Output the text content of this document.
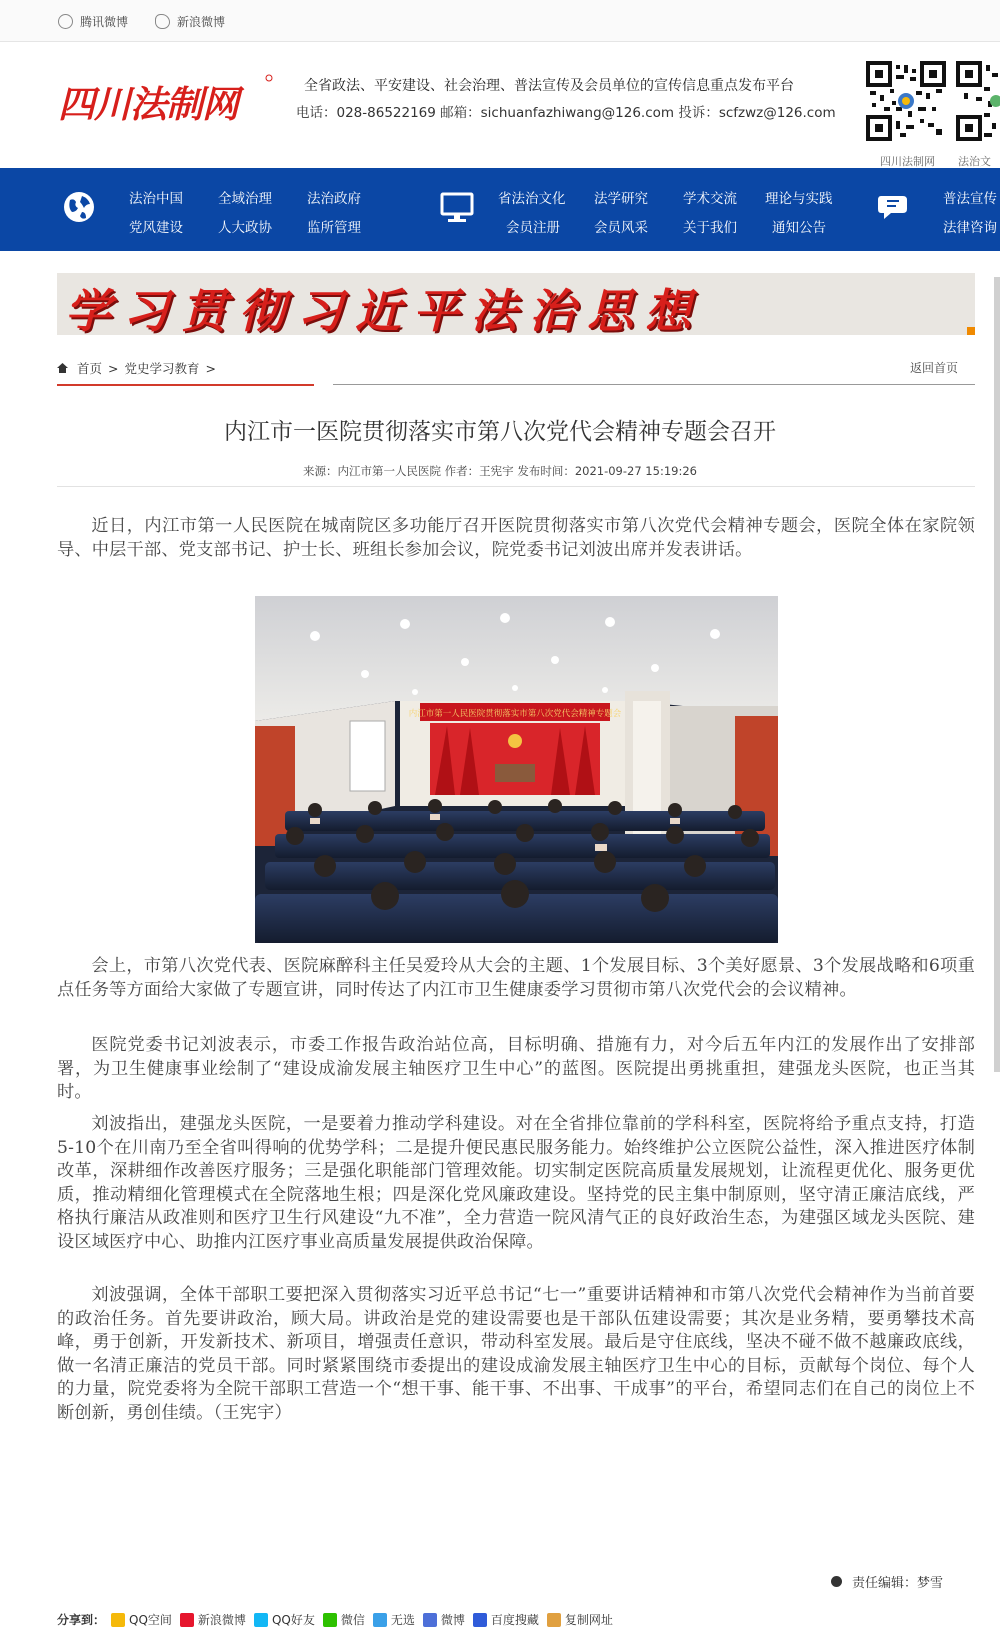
腾讯微博	新浪微博
四川法制网	全省政法、平安建设、社会治理、普法宣传及会员单位的宣传信息重点发布平台
电话：028-86522169 邮箱：sichuanfazhiwang@126.com 投诉：scfzwz@126.com
四川法制网 法治文
法治中国	全域治理	法治政府
党风建设	人大政协	监所管理
省法治文化 法学研究	学术交流 理论与实践
会员注册	会员风采	关于我们	通知公告
普法宣传
法律咨询
学习贯彻习近平法治思想
首页 > 党史学习教育 >	返回首页
内江市一医院贯彻落实市第八次党代会精神专题会召开
来源：内江市第一人民医院 作者：王宪宇 发布时间：2021-09-27 15:19:26

近日，内江市第一人民医院在城南院区多功能厅召开医院贯彻落实市第八次党代会精神专题会，医院全体在家院领导、中层干部、党支部书记、护士长、班组长参加会议，院党委书记刘波出席并发表讲话。

内江市第一人民医院贯彻落实市第八次党代会精神专题会

会上，市第八次党代表、医院麻醉科主任吴爱玲从大会的主题、1个发展目标、3个美好愿景、3个发展战略和6项重点任务等方面给大家做了专题宣讲，同时传达了内江市卫生健康委学习贯彻市第八次党代会的会议精神。

医院党委书记刘波表示，市委工作报告政治站位高，目标明确、措施有力，对今后五年内江的发展作出了安排部署，为卫生健康事业绘制了“建设成渝发展主轴医疗卫生中心”的蓝图。医院提出勇挑重担，建强龙头医院，也正当其时。

刘波指出，建强龙头医院，一是要着力推动学科建设。对在全省排位靠前的学科科室，医院将给予重点支持，打造5-10个在川南乃至全省叫得响的优势学科；二是提升便民惠民服务能力。始终维护公立医院公益性，深入推进医疗体制改革，深耕细作改善医疗服务；三是强化职能部门管理效能。切实制定医院高质量发展规划，让流程更优化、服务更优质，推动精细化管理模式在全院落地生根；四是深化党风廉政建设。坚持党的民主集中制原则，坚守清正廉洁底线，严格执行廉洁从政准则和医疗卫生行风建设“九不准”，全力营造一院风清气正的良好政治生态，为建强区域龙头医院、建设区域医疗中心、助推内江医疗事业高质量发展提供政治保障。

刘波强调，全体干部职工要把深入贯彻落实习近平总书记“七一”重要讲话精神和市第八次党代会精神作为当前首要的政治任务。首先要讲政治，顾大局。讲政治是党的建设需要也是干部队伍建设需要；其次是业务精，要勇攀技术高峰，勇于创新，开发新技术、新项目，增强责任意识，带动科室发展。最后是守住底线，坚决不碰不做不越廉政底线，做一名清正廉洁的党员干部。同时紧紧围绕市委提出的建设成渝发展主轴医疗卫生中心的目标，贡献每个岗位、每个人的力量，院党委将为全院干部职工营造一个“想干事、能干事、不出事、干成事”的平台，希望同志们在自己的岗位上不断创新，勇创佳绩。（王宪宇）

责任编辑：梦雪
分享到： QQ空间 新浪微博 QQ好友 微信 无选 微博 百度搜藏 复制网址
